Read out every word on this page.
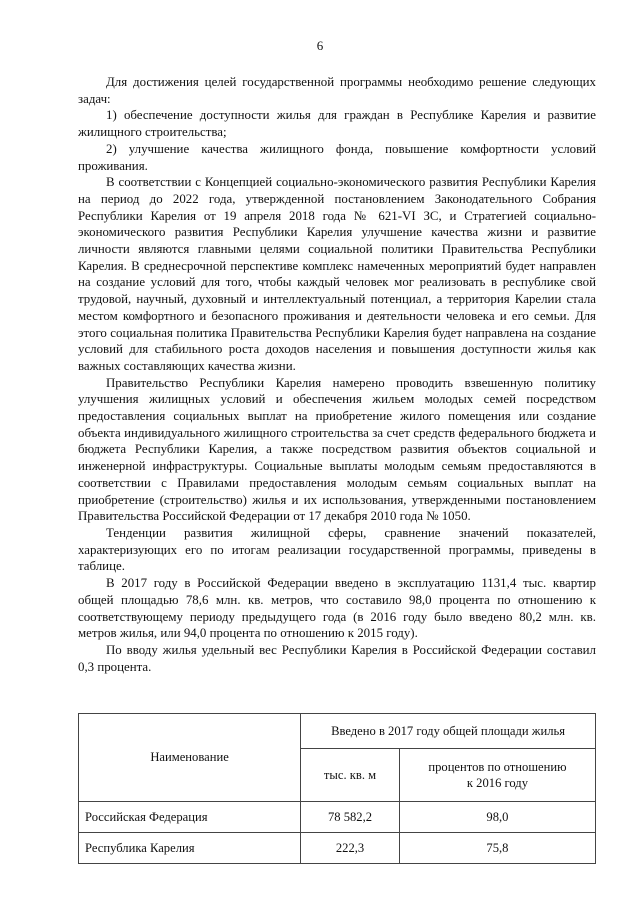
6

Для достижения целей государственной программы необходимо решение следующих задач:

1) обеспечение доступности жилья для граждан в Республике Карелия и развитие жилищного строительства;

2) улучшение качества жилищного фонда, повышение комфортности условий проживания.

В соответствии с Концепцией социально-экономического развития Республики Карелия на период до 2022 года, утвержденной постановлением Законодательного Собрания Республики Карелия от 19 апреля 2018 года № 621-VI ЗС, и Стратегией социально-экономического развития Республики Карелия улучшение качества жизни и развитие личности являются главными целями социальной политики Правительства Республики Карелия. В среднесрочной перспективе комплекс намеченных мероприятий будет направлен на создание условий для того, чтобы каждый человек мог реализовать в республике свой трудовой, научный, духовный и интеллектуальный потенциал, а территория Карелии стала местом комфортного и безопасного проживания и деятельности человека и его семьи. Для этого социальная политика Правительства Республики Карелия будет направлена на создание условий для стабильного роста доходов населения и повышения доступности жилья как важных составляющих качества жизни.

Правительство Республики Карелия намерено проводить взвешенную политику улучшения жилищных условий и обеспечения жильем молодых семей посредством предоставления социальных выплат на приобретение жилого помещения или создание объекта индивидуального жилищного строительства за счет средств федерального бюджета и бюджета Республики Карелия, а также посредством развития объектов социальной и инженерной инфраструктуры. Социальные выплаты молодым семьям предоставляются в соответствии с Правилами предоставления молодым семьям социальных выплат на приобретение (строительство) жилья и их использования, утвержденными постановлением Правительства Российской Федерации от 17 декабря 2010 года № 1050.

Тенденции развития жилищной сферы, сравнение значений показателей, характеризующих его по итогам реализации государственной программы, приведены в таблице.

В 2017 году в Российской Федерации введено в эксплуатацию 1131,4 тыс. квартир общей площадью 78,6 млн. кв. метров, что составило 98,0 процента по отношению к соответствующему периоду предыдущего года (в 2016 году было введено 80,2 млн. кв. метров жилья, или 94,0 процента по отношению к 2015 году).

По вводу жилья удельный вес Республики Карелия в Российской Федерации составил 0,3 процента.

Наименование	Введено в 2017 году общей площади жилья	
	тыс. кв. м	процентов по отношению
к 2016 году

Российская Федерация	78 582,2	98,0
Республика Карелия	222,3	75,8
